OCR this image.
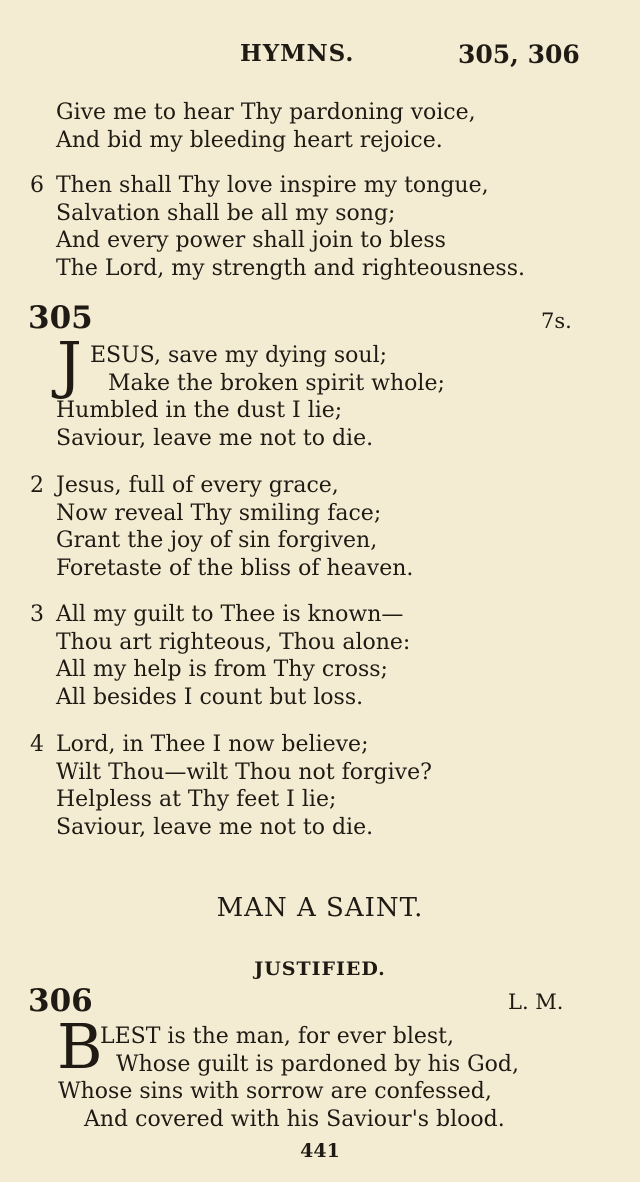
HYMNS.	305, 306
Give me to hear Thy pardoning voice,
And bid my bleeding heart rejoice.
6 Then shall Thy love inspire my tongue,
Salvation shall be all my song;
And every power shall join to bless
The Lord, my strength and righteousness.
305	7s.
J ESUS, save my dying soul;
Make the broken spirit whole;
Humbled in the dust I lie;
Saviour, leave me not to die.
2 Jesus, full of every grace,
Now reveal Thy smiling face;
Grant the joy of sin forgiven,
Foretaste of the bliss of heaven.
3 All my guilt to Thee is known—
Thou art righteous, Thou alone:
All my help is from Thy cross;
All besides I count but loss.
4 Lord, in Thee I now believe;
Wilt Thou—wilt Thou not forgive?
Helpless at Thy feet I lie;
Saviour, leave me not to die.
MAN A SAINT.
JUSTIFIED.
306	L. M.
B
LEST is the man, for ever blest,
Whose guilt is pardoned by his God,
Whose sins with sorrow are confessed,
And covered with his Saviour's blood.
441
